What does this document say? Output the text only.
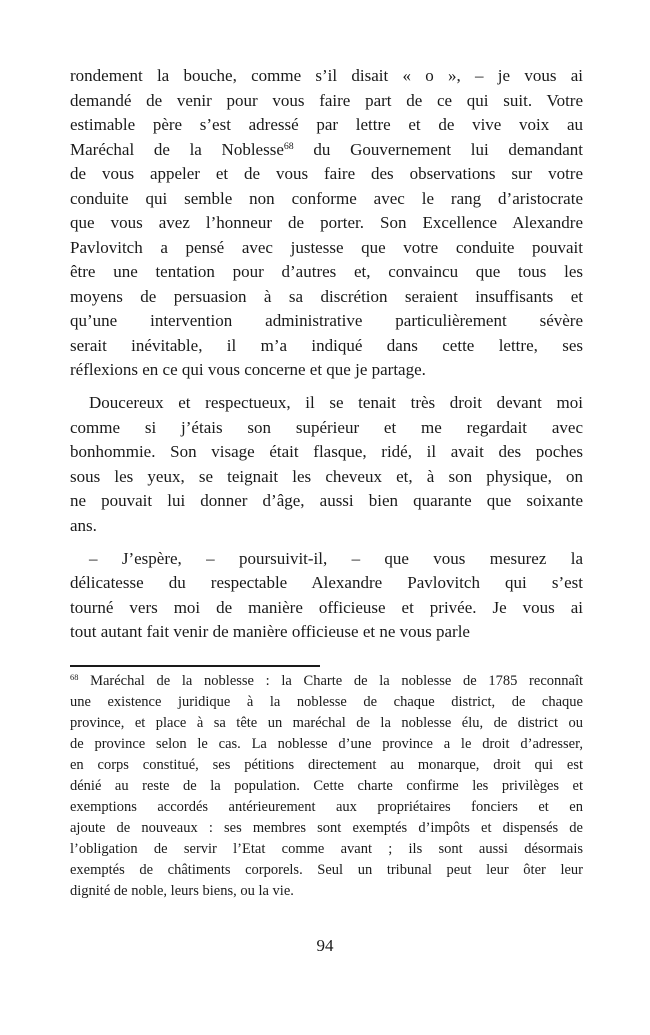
rondement la bouche, comme s’il disait « o », – je vous ai
demandé de venir pour vous faire part de ce qui suit. Votre
estimable père s’est adressé par lettre et de vive voix au
Maréchal de la Noblesse$^{68}$ du Gouvernement lui demandant
de vous appeler et de vous faire des observations sur votre
conduite qui semble non conforme avec le rang d’aristocrate
que vous avez l’honneur de porter. Son Excellence Alexandre
Pavlovitch a pensé avec justesse que votre conduite pouvait
être une tentation pour d’autres et, convaincu que tous les
moyens de persuasion à sa discrétion seraient insuffisants et
qu’une intervention administrative particulièrement sévère
serait inévitable, il m’a indiqué dans cette lettre, ses
réflexions en ce qui vous concerne et que je partage.
Doucereux et respectueux, il se tenait très droit devant moi
comme si j’étais son supérieur et me regardait avec
bonhommie. Son visage était flasque, ridé, il avait des poches
sous les yeux, se teignait les cheveux et, à son physique, on
ne pouvait lui donner d’âge, aussi bien quarante que soixante
ans.
– J’espère, – poursuivit-il, – que vous mesurez la
délicatesse du respectable Alexandre Pavlovitch qui s’est
tourné vers moi de manière officieuse et privée. Je vous ai
tout autant fait venir de manière officieuse et ne vous parle
$^{68}$ Maréchal de la noblesse : la Charte de la noblesse de 1785 reconnaît
une existence juridique à la noblesse de chaque district, de chaque
province, et place à sa tête un maréchal de la noblesse élu, de district ou
de province selon le cas. La noblesse d’une province a le droit d’adresser,
en corps constitué, ses pétitions directement au monarque, droit qui est
dénié au reste de la population. Cette charte confirme les privilèges et
exemptions accordés antérieurement aux propriétaires fonciers et en
ajoute de nouveaux : ses membres sont exemptés d’impôts et dispensés de
l’obligation de servir l’Etat comme avant ; ils sont aussi désormais
exemptés de châtiments corporels. Seul un tribunal peut leur ôter leur
dignité de noble, leurs biens, ou la vie.
94
